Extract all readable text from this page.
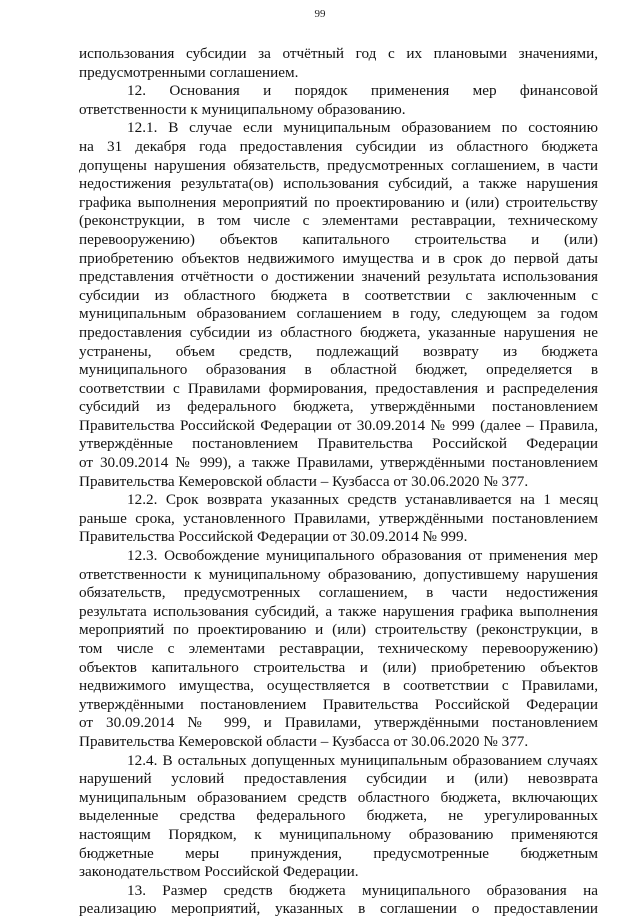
99
использования субсидии за отчётный год с их плановыми значениями,
предусмотренными соглашением.
12. Основания и порядок применения мер финансовой
ответственности к муниципальному образованию.
12.1. В случае если муниципальным образованием по состоянию
на 31 декабря года предоставления субсидии из областного бюджета
допущены нарушения обязательств, предусмотренных соглашением, в части
недостижения результата(ов) использования субсидий, а также нарушения
графика выполнения мероприятий по проектированию и (или) строительству
(реконструкции, в том числе с элементами реставрации, техническому
перевооружению) объектов капитального строительства и (или)
приобретению объектов недвижимого имущества и в срок до первой даты
представления отчётности о достижении значений результата использования
субсидии из областного бюджета в соответствии с заключенным с
муниципальным образованием соглашением в году, следующем за годом
предоставления субсидии из областного бюджета, указанные нарушения не
устранены, объем средств, подлежащий возврату из бюджета
муниципального образования в областной бюджет, определяется в
соответствии с Правилами формирования, предоставления и распределения
субсидий из федерального бюджета, утверждёнными постановлением
Правительства Российской Федерации от 30.09.2014 № 999 (далее – Правила,
утверждённые постановлением Правительства Российской Федерации
от 30.09.2014 № 999), а также Правилами, утверждёнными постановлением
Правительства Кемеровской области – Кузбасса от 30.06.2020 № 377.
12.2. Срок возврата указанных средств устанавливается на 1 месяц
раньше срока, установленного Правилами, утверждёнными постановлением
Правительства Российской Федерации от 30.09.2014 № 999.
12.3. Освобождение муниципального образования от применения мер
ответственности к муниципальному образованию, допустившему нарушения
обязательств, предусмотренных соглашением, в части недостижения
результата использования субсидий, а также нарушения графика выполнения
мероприятий по проектированию и (или) строительству (реконструкции, в
том числе с элементами реставрации, техническому перевооружению)
объектов капитального строительства и (или) приобретению объектов
недвижимого имущества, осуществляется в соответствии с Правилами,
утверждёнными постановлением Правительства Российской Федерации
от 30.09.2014 № 999, и Правилами, утверждёнными постановлением
Правительства Кемеровской области – Кузбасса от 30.06.2020 № 377.
12.4. В остальных допущенных муниципальным образованием случаях
нарушений условий предоставления субсидии и (или) невозврата
муниципальным образованием средств областного бюджета, включающих
выделенные средства федерального бюджета, не урегулированных
настоящим Порядком, к муниципальному образованию применяются
бюджетные меры принуждения, предусмотренные бюджетным
законодательством Российской Федерации.
13. Размер средств бюджета муниципального образования на
реализацию мероприятий, указанных в соглашении о предоставлении
